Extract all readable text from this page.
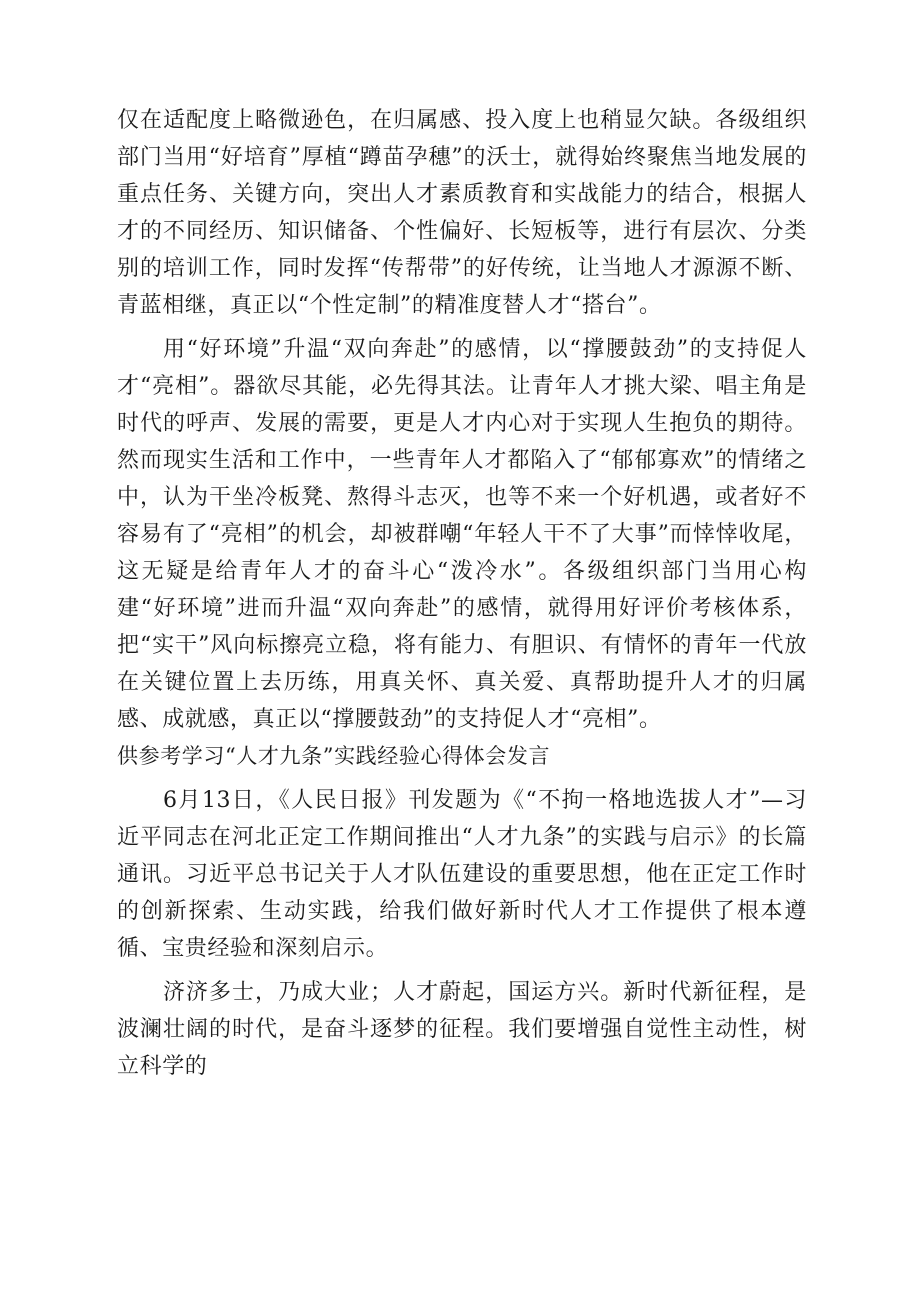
仅在适配度上略微逊色，在归属感、投入度上也稍显欠缺。各级组织部门当用“好培育”厚植“蹲苗孕穗”的沃士，就得始终聚焦当地发展的重点任务、关键方向，突出人才素质教育和实战能力的结合，根据人才的不同经历、知识储备、个性偏好、长短板等，进行有层次、分类别的培训工作，同时发挥“传帮带”的好传统，让当地人才源源不断、青蓝相继，真正以“个性定制”的精准度替人才“搭台”。

用“好环境”升温“双向奔赴”的感情，以“撑腰鼓劲”的支持促人才“亮相”。器欲尽其能，必先得其法。让青年人才挑大梁、唱主角是时代的呼声、发展的需要，更是人才内心对于实现人生抱负的期待。然而现实生活和工作中，一些青年人才都陷入了“郁郁寡欢”的情绪之中，认为干坐冷板凳、熬得斗志灭，也等不来一个好机遇，或者好不容易有了“亮相”的机会，却被群嘲“年轻人干不了大事”而悻悻收尾，这无疑是给青年人才的奋斗心“泼冷水”。各级组织部门当用心构建“好环境”进而升温“双向奔赴”的感情，就得用好评价考核体系，把“实干”风向标擦亮立稳，将有能力、有胆识、有情怀的青年一代放在关键位置上去历练，用真关怀、真关爱、真帮助提升人才的归属感、成就感，真正以“撑腰鼓劲”的支持促人才“亮相”。

供参考学习“人才九条”实践经验心得体会发言

6月13日，《人民日报》刊发题为《“不拘一格地选拔人才”—习近平同志在河北正定工作期间推出“人才九条”的实践与启示》的长篇通讯。习近平总书记关于人才队伍建设的重要思想，他在正定工作时的创新探索、生动实践，给我们做好新时代人才工作提供了根本遵循、宝贵经验和深刻启示。

济济多士，乃成大业；人才蔚起，国运方兴。新时代新征程，是波澜壮阔的时代，是奋斗逐梦的征程。我们要增强自觉性主动性，树立科学的
